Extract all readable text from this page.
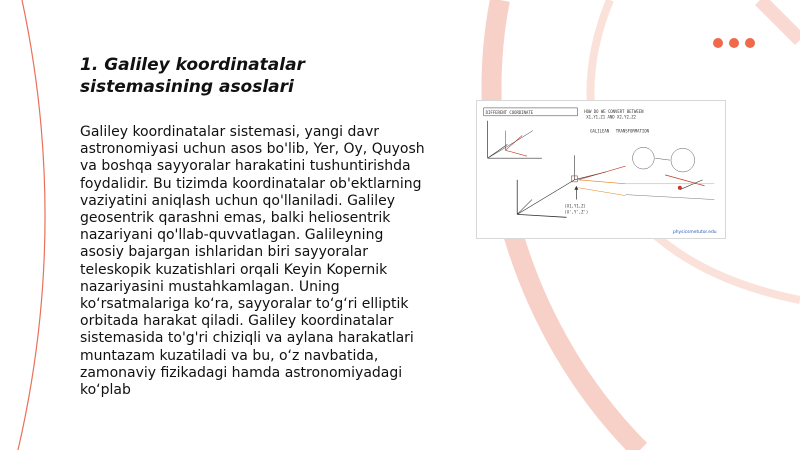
1. Galiley koordinatalar sistemasining asoslari

Galiley koordinatalar sistemasi, yangi davr astronomiyasi uchun asos bo'lib, Yer, Oy, Quyosh va boshqa sayyoralar harakatini tushuntirishda foydalidir. Bu tizimda koordinatalar ob'ektlarning vaziyatini aniqlash uchun qo'llaniladi. Galiley geosentrik qarashni emas, balki heliosentrik nazariyani qo'llab-quvvatlagan. Galileyning asosiy bajargan ishlaridan biri sayyoralar teleskopik kuzatishlari orqali Keyin Kopernik nazariyasini mustahkamlagan. Uning ko‘rsatmalariga ko‘ra, sayyoralar to‘g‘ri elliptik orbitada harakat qiladi. Galiley koordinatalar sistemasida to'g'ri chiziqli va aylana harakatlari muntazam kuzatiladi va bu, o‘z navbatida, zamonaviy fizikadagi hamda astronomiyadagi ko‘plab

DIFFERENT COORDINATE	HOW DO WE CONVERT BETWEEN
X1,Y1,Z1 AND X2,Y2,Z2
GALILEAN TRANSFORMATION
(X1,Y1,Z)
(X',Y',Z')
physicsmetutor.edu
